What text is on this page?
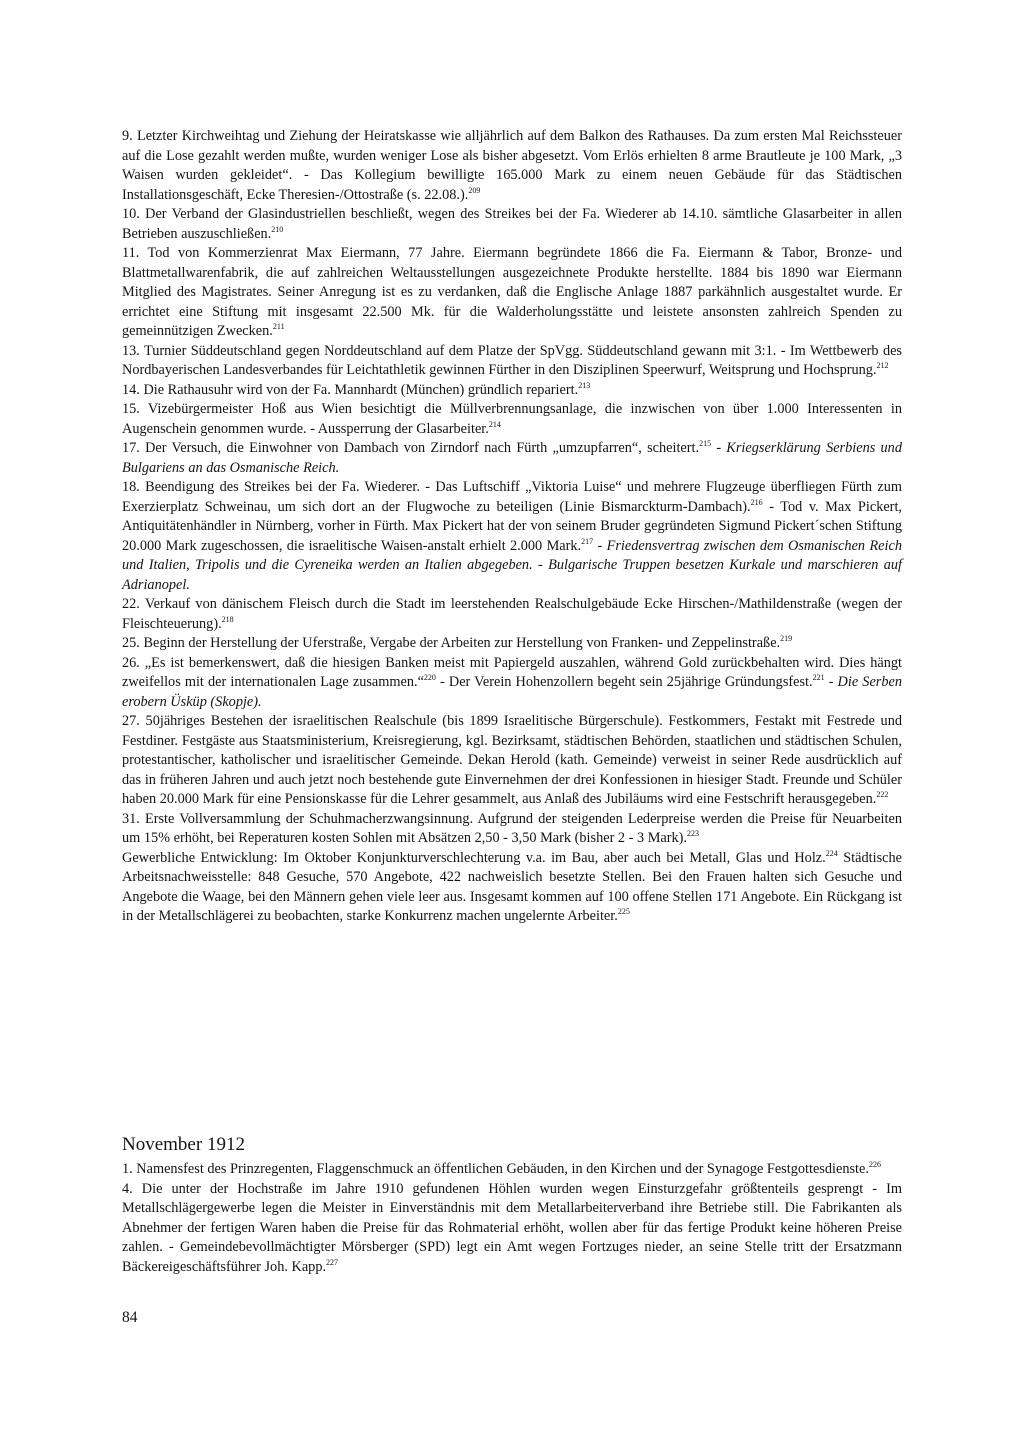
9. Letzter Kirchweihtag und Ziehung der Heiratskasse wie alljährlich auf dem Balkon des Rathauses. Da zum ersten Mal Reichssteuer auf die Lose gezahlt werden mußte, wurden weniger Lose als bisher abgesetzt. Vom Erlös erhielten 8 arme Brautleute je 100 Mark, „3 Waisen wurden gekleidet“. - Das Kollegium bewilligte 165.000 Mark zu einem neuen Gebäude für das Städtischen Installationsgeschäft, Ecke Theresien-/Ottostraße (s. 22.08.).$^{209}$

10. Der Verband der Glasindustriellen beschließt, wegen des Streikes bei der Fa. Wiederer ab 14.10. sämtliche Glasarbeiter in allen Betrieben auszuschließen.$^{210}$

11. Tod von Kommerzienrat Max Eiermann, 77 Jahre. Eiermann begründete 1866 die Fa. Eiermann & Tabor, Bronze- und Blattmetallwarenfabrik, die auf zahlreichen Weltausstellungen ausgezeichnete Produkte herstellte. 1884 bis 1890 war Eiermann Mitglied des Magistrates. Seiner Anregung ist es zu verdanken, daß die Englische Anlage 1887 parkähnlich ausgestaltet wurde. Er errichtet eine Stiftung mit insgesamt 22.500 Mk. für die Walderholungsstätte und leistete ansonsten zahlreich Spenden zu gemeinnützigen Zwecken.$^{211}$

13. Turnier Süddeutschland gegen Norddeutschland auf dem Platze der SpVgg. Süddeutschland gewann mit 3:1. - Im Wettbewerb des Nordbayerischen Landesverbandes für Leichtathletik gewinnen Fürther in den Disziplinen Speerwurf, Weitsprung und Hochsprung.$^{212}$

14. Die Rathausuhr wird von der Fa. Mannhardt (München) gründlich repariert.$^{213}$

15. Vizebürgermeister Hoß aus Wien besichtigt die Müllverbrennungsanlage, die inzwischen von über 1.000 Interessenten in Augenschein genommen wurde. - Aussperrung der Glasarbeiter.$^{214}$

17. Der Versuch, die Einwohner von Dambach von Zirndorf nach Fürth „umzupfarren“, scheitert.$^{215}$ - Kriegserklärung Serbiens und Bulgariens an das Osmanische Reich.

18. Beendigung des Streikes bei der Fa. Wiederer. - Das Luftschiff „Viktoria Luise“ und mehrere Flugzeuge überfliegen Fürth zum Exerzierplatz Schweinau, um sich dort an der Flugwoche zu beteiligen (Linie Bismarckturm-Dambach).$^{216}$ - Tod v. Max Pickert, Antiquitätenhändler in Nürnberg, vorher in Fürth. Max Pickert hat der von seinem Bruder gegründeten Sigmund Pickert´schen Stiftung 20.000 Mark zugeschossen, die israelitische Waisen-anstalt erhielt 2.000 Mark.$^{217}$ - Friedensvertrag zwischen dem Osmanischen Reich und Italien, Tripolis und die Cyreneika werden an Italien abgegeben. - Bulgarische Truppen besetzen Kurkale und marschieren auf Adrianopel.

22. Verkauf von dänischem Fleisch durch die Stadt im leerstehenden Realschulgebäude Ecke Hirschen-/Mathildenstraße (wegen der Fleischteuerung).$^{218}$

25. Beginn der Herstellung der Uferstraße, Vergabe der Arbeiten zur Herstellung von Franken- und Zeppelinstraße.$^{219}$

26. „Es ist bemerkenswert, daß die hiesigen Banken meist mit Papiergeld auszahlen, während Gold zurückbehalten wird. Dies hängt zweifellos mit der internationalen Lage zusammen.“$^{220}$ - Der Verein Hohenzollern begeht sein 25jährige Gründungsfest.$^{221}$ - Die Serben erobern Üsküp (Skopje).

27. 50jähriges Bestehen der israelitischen Realschule (bis 1899 Israelitische Bürgerschule). Festkommers, Festakt mit Festrede und Festdiner. Festgäste aus Staatsministerium, Kreisregierung, kgl. Bezirksamt, städtischen Behörden, staatlichen und städtischen Schulen, protestantischer, katholischer und israelitischer Gemeinde. Dekan Herold (kath. Gemeinde) verweist in seiner Rede ausdrücklich auf das in früheren Jahren und auch jetzt noch bestehende gute Einvernehmen der drei Konfessionen in hiesiger Stadt. Freunde und Schüler haben 20.000 Mark für eine Pensionskasse für die Lehrer gesammelt, aus Anlaß des Jubiläums wird eine Festschrift herausgegeben.$^{222}$

31. Erste Vollversammlung der Schuhmacherzwangsinnung. Aufgrund der steigenden Lederpreise werden die Preise für Neuarbeiten um 15% erhöht, bei Reperaturen kosten Sohlen mit Absätzen 2,50 - 3,50 Mark (bisher 2 - 3 Mark).$^{223}$

Gewerbliche Entwicklung: Im Oktober Konjunkturverschlechterung v.a. im Bau, aber auch bei Metall, Glas und Holz.$^{224}$ Städtische Arbeitsnachweisstelle: 848 Gesuche, 570 Angebote, 422 nachweislich besetzte Stellen. Bei den Frauen halten sich Gesuche und Angebote die Waage, bei den Männern gehen viele leer aus. Insgesamt kommen auf 100 offene Stellen 171 Angebote. Ein Rückgang ist in der Metallschlägerei zu beobachten, starke Konkurrenz machen ungelernte Arbeiter.$^{225}$

November 1912

1. Namensfest des Prinzregenten, Flaggenschmuck an öffentlichen Gebäuden, in den Kirchen und der Synagoge Festgottesdienste.$^{226}$

4. Die unter der Hochstraße im Jahre 1910 gefundenen Höhlen wurden wegen Einsturzgefahr größtenteils gesprengt - Im Metallschlägergewerbe legen die Meister in Einverständnis mit dem Metallarbeiterverband ihre Betriebe still. Die Fabrikanten als Abnehmer der fertigen Waren haben die Preise für das Rohmaterial erhöht, wollen aber für das fertige Produkt keine höheren Preise zahlen. - Gemeindebevollmächtigter Mörsberger (SPD) legt ein Amt wegen Fortzuges nieder, an seine Stelle tritt der Ersatzmann Bäckereigeschäftsführer Joh. Kapp.$^{227}$

84
